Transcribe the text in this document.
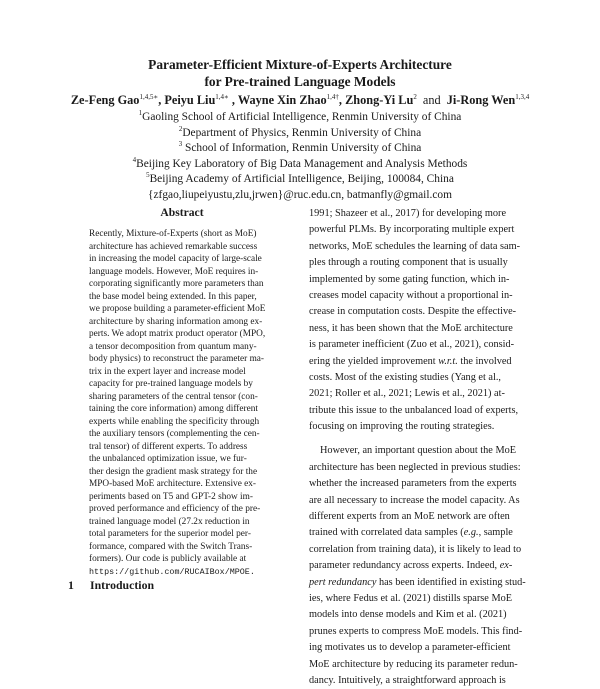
Parameter-Efficient Mixture-of-Experts Architecture
for Pre-trained Language Models
Ze-Feng Gao$^{1,4,5∗}$, Peiyu Liu$^{1,4∗}$ , Wayne Xin Zhao$^{1,4\dagger}$, Zhong-Yi Lu$^2$ and Ji-Rong Wen$^{1,3,4}$
$^1$Gaoling School of Artificial Intelligence, Renmin University of China
$^2$Department of Physics, Renmin University of China
$^3$ School of Information, Renmin University of China
$^4$Beijing Key Laboratory of Big Data Management and Analysis Methods
$^5$Beijing Academy of Artificial Intelligence, Beijing, 100084, China
{zfgao,liupeiyustu,zlu,jrwen}@ruc.edu.cn, batmanfly@gmail.com
Abstract
Recently, Mixture-of-Experts (short as MoE)
architecture has achieved remarkable success
in increasing the model capacity of large-scale
language models. However, MoE requires in-
corporating significantly more parameters than
the base model being extended. In this paper,
we propose building a parameter-efficient MoE
architecture by sharing information among ex-
perts. We adopt matrix product operator (MPO,
a tensor decomposition from quantum many-
body physics) to reconstruct the parameter ma-
trix in the expert layer and increase model
capacity for pre-trained language models by
sharing parameters of the central tensor (con-
taining the core information) among different
experts while enabling the specificity through
the auxiliary tensors (complementing the cen-
tral tensor) of different experts. To address
the unbalanced optimization issue, we fur-
ther design the gradient mask strategy for the
MPO-based MoE architecture. Extensive ex-
periments based on T5 and GPT-2 show im-
proved performance and efficiency of the pre-
trained language model (27.2x reduction in
total parameters for the superior model per-
formance, compared with the Switch Trans-
formers). Our code is publicly available at
https://github.com/RUCAIBox/MPOE.
1 Introduction
1991; Shazeer et al., 2017) for developing more
powerful PLMs. By incorporating multiple expert
networks, MoE schedules the learning of data sam-
ples through a routing component that is usually
implemented by some gating function, which in-
creases model capacity without a proportional in-
crease in computation costs. Despite the effective-
ness, it has been shown that the MoE architecture
is parameter inefficient (Zuo et al., 2021), consid-
ering the yielded improvement w.r.t. the involved
costs. Most of the existing studies (Yang et al.,
2021; Roller et al., 2021; Lewis et al., 2021) at-
tribute this issue to the unbalanced load of experts,
focusing on improving the routing strategies.
However, an important question about the MoE
architecture has been neglected in previous studies:
whether the increased parameters from the experts
are all necessary to increase the model capacity. As
different experts from an MoE network are often
trained with correlated data samples (e.g., sample
correlation from training data), it is likely to lead to
parameter redundancy across experts. Indeed, ex-
pert redundancy has been identified in existing stud-
ies, where Fedus et al. (2021) distills sparse MoE
models into dense models and Kim et al. (2021)
prunes experts to compress MoE models. This find-
ing motivates us to develop a parameter-efficient
MoE architecture by reducing its parameter redun-
dancy. Intuitively, a straightforward approach is
